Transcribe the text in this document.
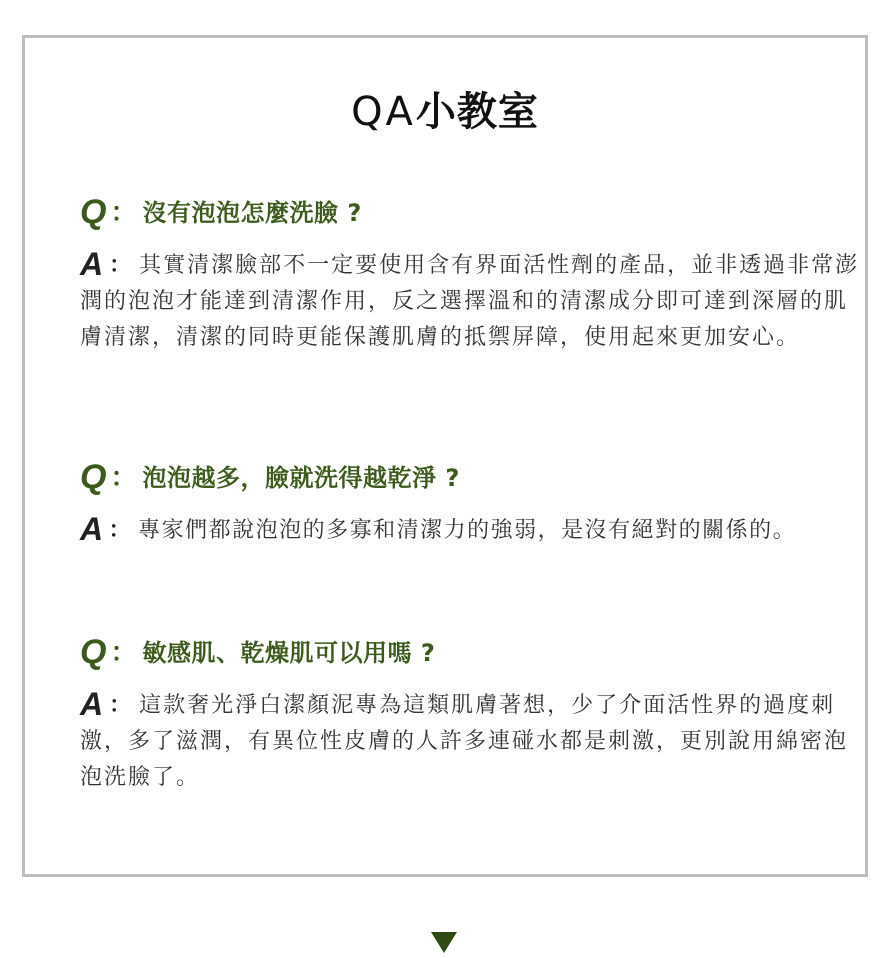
QA小教室

Q ： 沒有泡泡怎麼洗臉 ?

A ： 其實清潔臉部不一定要使用含有界面活性劑的產品，並非透過非常澎潤的泡泡才能達到清潔作用，反之選擇溫和的清潔成分即可達到深層的肌膚清潔，清潔的同時更能保護肌膚的抵禦屏障，使用起來更加安心。

Q ： 泡泡越多，臉就洗得越乾淨 ?

A ： 專家們都說泡泡的多寡和清潔力的強弱，是沒有絕對的關係的。

Q ： 敏感肌、乾燥肌可以用嗎 ?

A ： 這款奢光淨白潔顏泥專為這類肌膚著想，少了介面活性界的過度刺激，多了滋潤，有異位性皮膚的人許多連碰水都是刺激，更別說用綿密泡泡洗臉了。
